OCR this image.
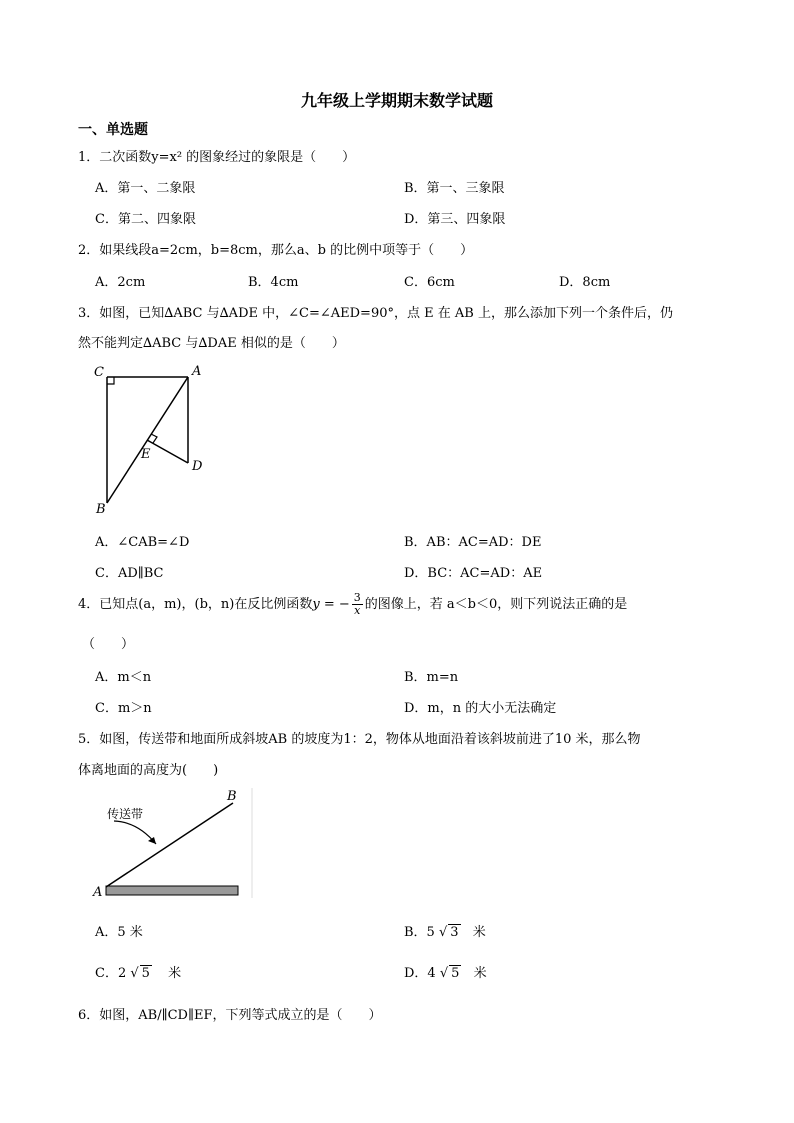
九年级上学期期末数学试题
一、单选题
1．二次函数y=x² 的图象经过的象限是（　　）
A．第一、二象限	B．第一、三象限
C．第二、四象限	D．第三、四象限
2．如果线段a=2cm，b=8cm，那么a、b 的比例中项等于（　　）
A．2cm	B．4cm	C．6cm	D．8cm
3．如图，已知∆ABC 与∆ADE 中，∠C=∠AED=90°，点 E 在 AB 上，那么添加下列一个条件后，仍
然不能判定∆ABC 与∆DAE 相似的是（　　）
C	A
E
D
B
A．∠CAB=∠D	B．AB：AC=AD：DE
C．AD∥BC	D．BC：AC=AD：AE
4．已知点(a，m)，(b，n)在反比例函数y = − $\frac{3}{x}$ 的图像上，若 a＜b＜0，则下列说法正确的是
（　　）
A．m＜n	B．m=n
C．m＞n	D．m，n 的大小无法确定
5．如图，传送带和地面所成斜坡AB 的坡度为1：2，物体从地面沿着该斜坡前进了10 米，那么物
体离地面的高度为(　　)
传送带
B
A
A．5 米	B．5 √ 3 米
C．2 √ 5 米	D．4 √ 5 米
6．如图，AB/∥CD∥EF，下列等式成立的是（　　）
